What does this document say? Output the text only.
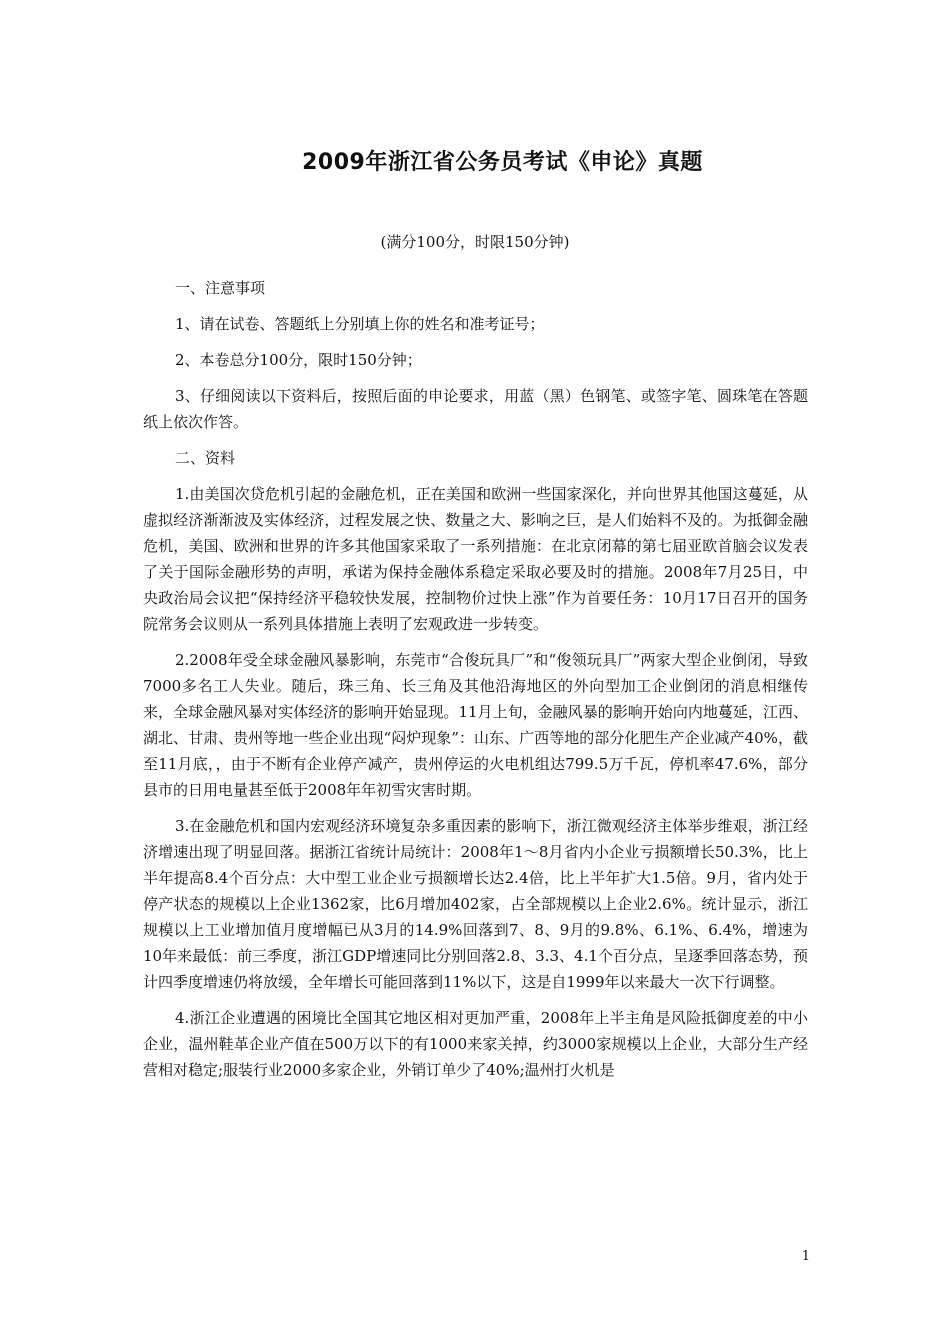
2009年浙江省公务员考试《申论》真题
(满分100分，时限150分钟)

一、注意事项

1、请在试卷、答题纸上分别填上你的姓名和准考证号；

2、本卷总分100分，限时150分钟；

3、仔细阅读以下资料后，按照后面的申论要求，用蓝（黑）色钢笔、或签字笔、圆珠笔在答题纸上依次作答。

二、资料

1.由美国次贷危机引起的金融危机，正在美国和欧洲一些国家深化，并向世界其他国这蔓延，从虚拟经济渐渐波及实体经济，过程发展之快、数量之大、影响之巨，是人们始料不及的。为抵御金融危机，美国、欧洲和世界的许多其他国家采取了一系列措施：在北京闭幕的第七届亚欧首脑会议发表了关于国际金融形势的声明，承诺为保持金融体系稳定采取必要及时的措施。2008年7月25日，中央政治局会议把“保持经济平稳较快发展，控制物价过快上涨”作为首要任务：10月17日召开的国务院常务会议则从一系列具体措施上表明了宏观政进一步转变。

2.2008年受全球金融风暴影响，东莞市“合俊玩具厂”和“俊领玩具厂”两家大型企业倒闭，导致7000多名工人失业。随后，珠三角、长三角及其他沿海地区的外向型加工企业倒闭的消息相继传来，全球金融风暴对实体经济的影响开始显现。11月上旬，金融风暴的影响开始向内地蔓延，江西、湖北、甘肃、贵州等地一些企业出现“闷炉现象”：山东、广西等地的部分化肥生产企业减产40%，截至11月底，，由于不断有企业停产减产，贵州停运的火电机组达799.5万千瓦，停机率47.6%，部分县市的日用电量甚至低于2008年年初雪灾害时期。

3.在金融危机和国内宏观经济环境复杂多重因素的影响下，浙江微观经济主体举步维艰，浙江经济增速出现了明显回落。据浙江省统计局统计：2008年1～8月省内小企业亏损额增长50.3%，比上半年提高8.4个百分点：大中型工业企业亏损额增长达2.4倍，比上半年扩大1.5倍。9月，省内处于停产状态的规模以上企业1362家，比6月增加402家，占全部规模以上企业2.6%。统计显示，浙江规模以上工业增加值月度增幅已从3月的14.9%回落到7、8、9月的9.8%、6.1%、6.4%，增速为10年来最低：前三季度，浙江GDP增速同比分别回落2.8、3.3、4.1个百分点，呈逐季回落态势，预计四季度增速仍将放缓，全年增长可能回落到11%以下，这是自1999年以来最大一次下行调整。

4.浙江企业遭遇的困境比全国其它地区相对更加严重，2008年上半主角是风险抵御度差的中小企业，温州鞋革企业产值在500万以下的有1000来家关掉，约3000家规模以上企业，大部分生产经营相对稳定;服装行业2000多家企业，外销订单少了40%;温州打火机是

1
